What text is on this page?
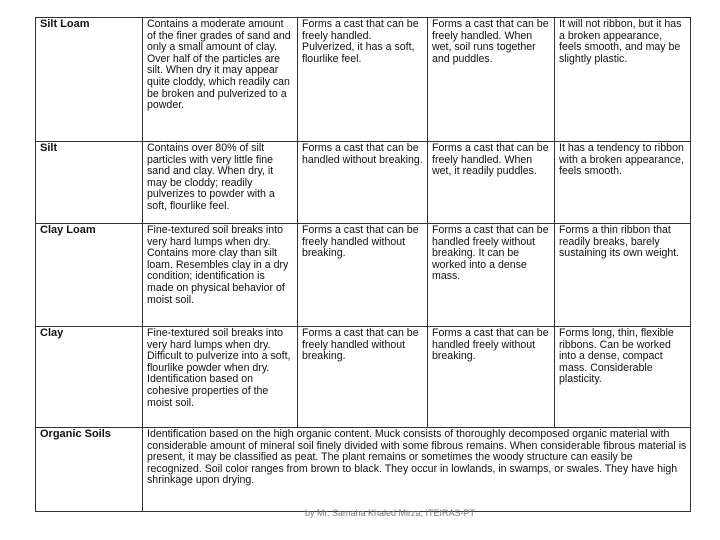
Silt Loam	Contains a moderate amount of the finer grades of sand and only a small amount of clay. Over half of the particles are silt. When dry it may appear quite cloddy, which readily can be broken and pulverized to a powder.	Forms a cast that can be freely handled. Pulverized, it has a soft, flourlike feel.	Forms a cast that can be freely handled. When wet, soil runs together and puddles.	It will not ribbon, but it has a broken appearance, feels smooth, and may be slightly plastic.
Silt	Contains over 80% of silt particles with very little fine sand and clay. When dry, it may be cloddy; readily pulverizes to powder with a soft, flourlike feel.	Forms a cast that can be handled without breaking.	Forms a cast that can be freely handled. When wet, it readily puddles.	It has a tendency to ribbon with a broken appearance, feels smooth.
Clay Loam	Fine-textured soil breaks into very hard lumps when dry. Contains more clay than silt loam. Resembles clay in a dry condition; identification is made on physical behavior of moist soil.	Forms a cast that can be freely handled without breaking.	Forms a cast that can be handled freely without breaking. It can be worked into a dense mass.	Forms a thin ribbon that readily breaks, barely sustaining its own weight.
Clay	Fine-textured soil breaks into very hard lumps when dry. Difficult to pulverize into a soft, flourlike powder when dry. Identification based on cohesive properties of the moist soil.	Forms a cast that can be freely handled without breaking.	Forms a cast that can be handled freely without breaking.	Forms long, thin, flexible ribbons. Can be worked into a dense, compact mass. Considerable plasticity.
Organic Soils	Identification based on the high organic content. Muck consists of thoroughly decomposed organic material with considerable amount of mineral soil finely divided with some fibrous remains. When considerable fibrous material is present, it may be classified as peat. The plant remains or sometimes the woody structure can easily be recognized. Soil color ranges from brown to black. They occur in lowlands, in swamps, or swales. They have high shrinkage upon drying.			
by Mr. Samaha Khaled Mirza, ITEIRAS-PT
